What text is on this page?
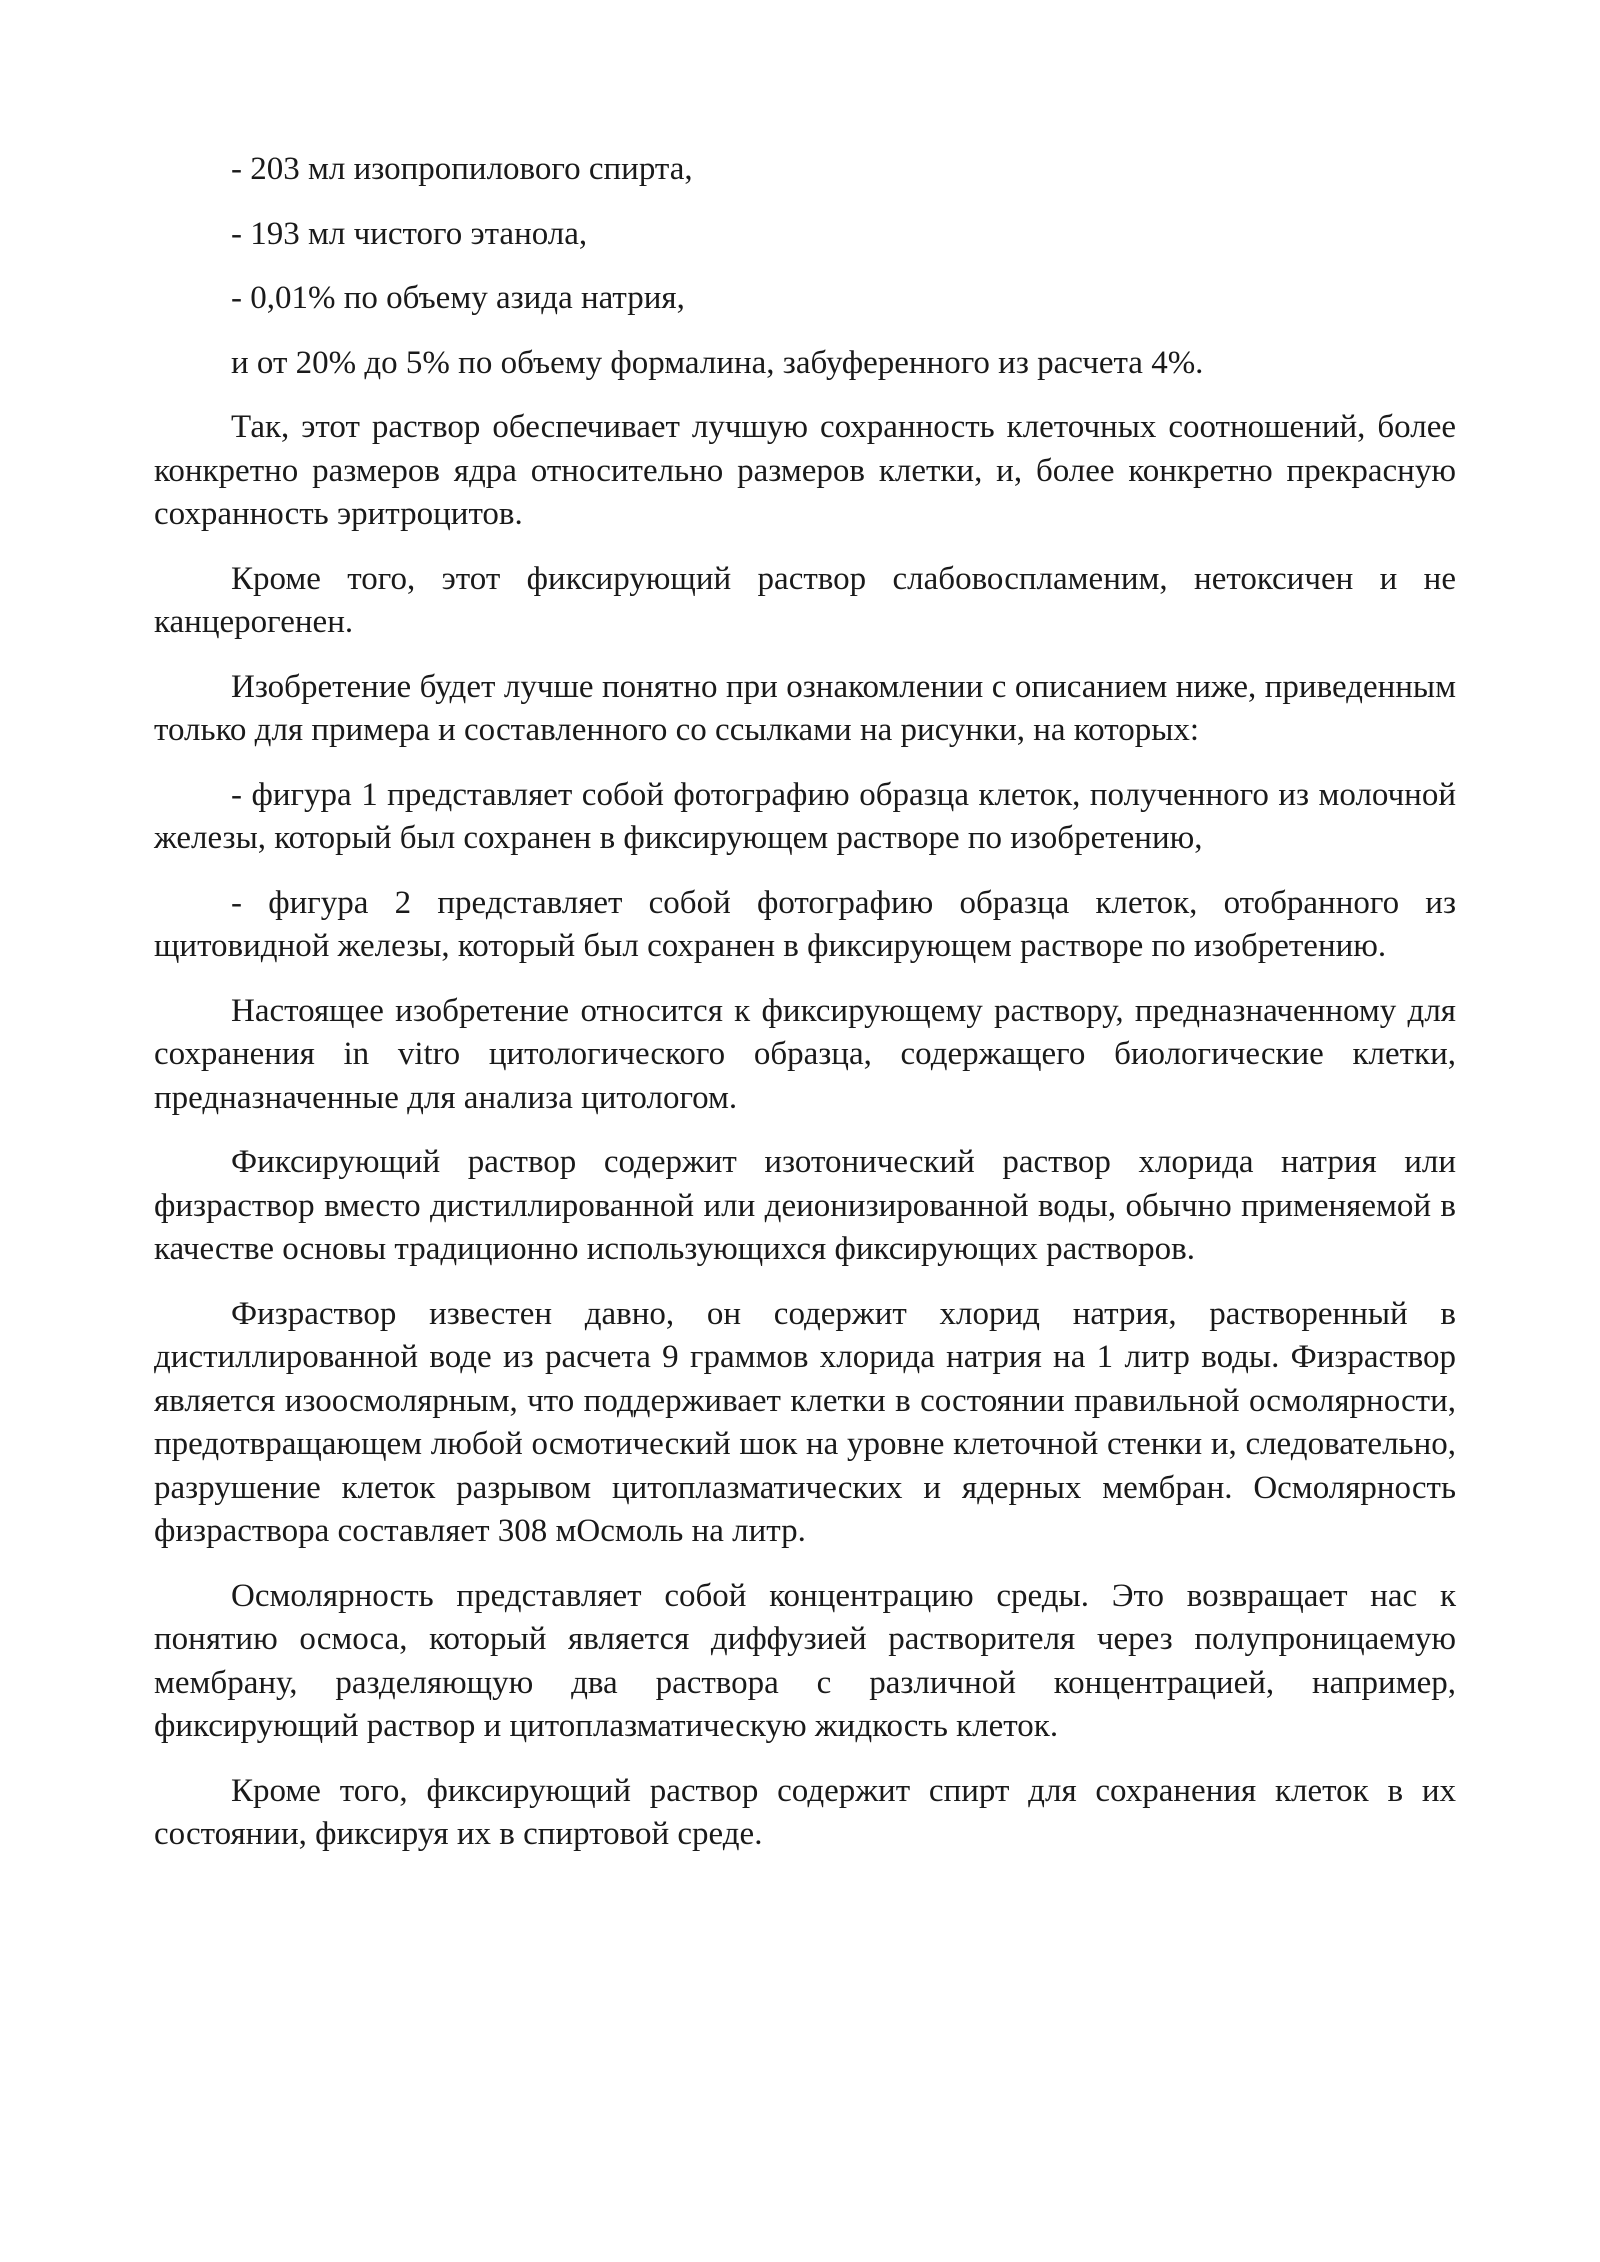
- 203 мл изопропилового спирта,

- 193 мл чистого этанола,

- 0,01% по объему азида натрия,

и от 20% до 5% по объему формалина, забуференного из расчета 4%.

Так, этот раствор обеспечивает лучшую сохранность клеточных соотношений, более конкретно размеров ядра относительно размеров клетки, и, более конкретно прекрасную сохранность эритроцитов.

Кроме того, этот фиксирующий раствор слабовоспламеним, нетоксичен и не канцерогенен.

Изобретение будет лучше понятно при ознакомлении с описанием ниже, приведенным только для примера и составленного со ссылками на рисунки, на которых:

- фигура 1 представляет собой фотографию образца клеток, полученного из молочной железы, который был сохранен в фиксирующем растворе по изобретению,

- фигура 2 представляет собой фотографию образца клеток, отобранного из щитовидной железы, который был сохранен в фиксирующем растворе по изобретению.

Настоящее изобретение относится к фиксирующему раствору, предназначенному для сохранения in vitro цитологического образца, содержащего биологические клетки, предназначенные для анализа цитологом.

Фиксирующий раствор содержит изотонический раствор хлорида натрия или физраствор вместо дистиллированной или деионизированной воды, обычно применяемой в качестве основы традиционно использующихся фиксирующих растворов.

Физраствор известен давно, он содержит хлорид натрия, растворенный в дистиллированной воде из расчета 9 граммов хлорида натрия на 1 литр воды. Физраствор является изоосмолярным, что поддерживает клетки в состоянии правильной осмолярности, предотвращающем любой осмотический шок на уровне клеточной стенки и, следовательно, разрушение клеток разрывом цитоплазматических и ядерных мембран. Осмолярность физраствора составляет 308 мОсмоль на литр.

Осмолярность представляет собой концентрацию среды. Это возвращает нас к понятию осмоса, который является диффузией растворителя через полупроницаемую мембрану, разделяющую два раствора с различной концентрацией, например, фиксирующий раствор и цитоплазматическую жидкость клеток.

Кроме того, фиксирующий раствор содержит спирт для сохранения клеток в их состоянии, фиксируя их в спиртовой среде.
